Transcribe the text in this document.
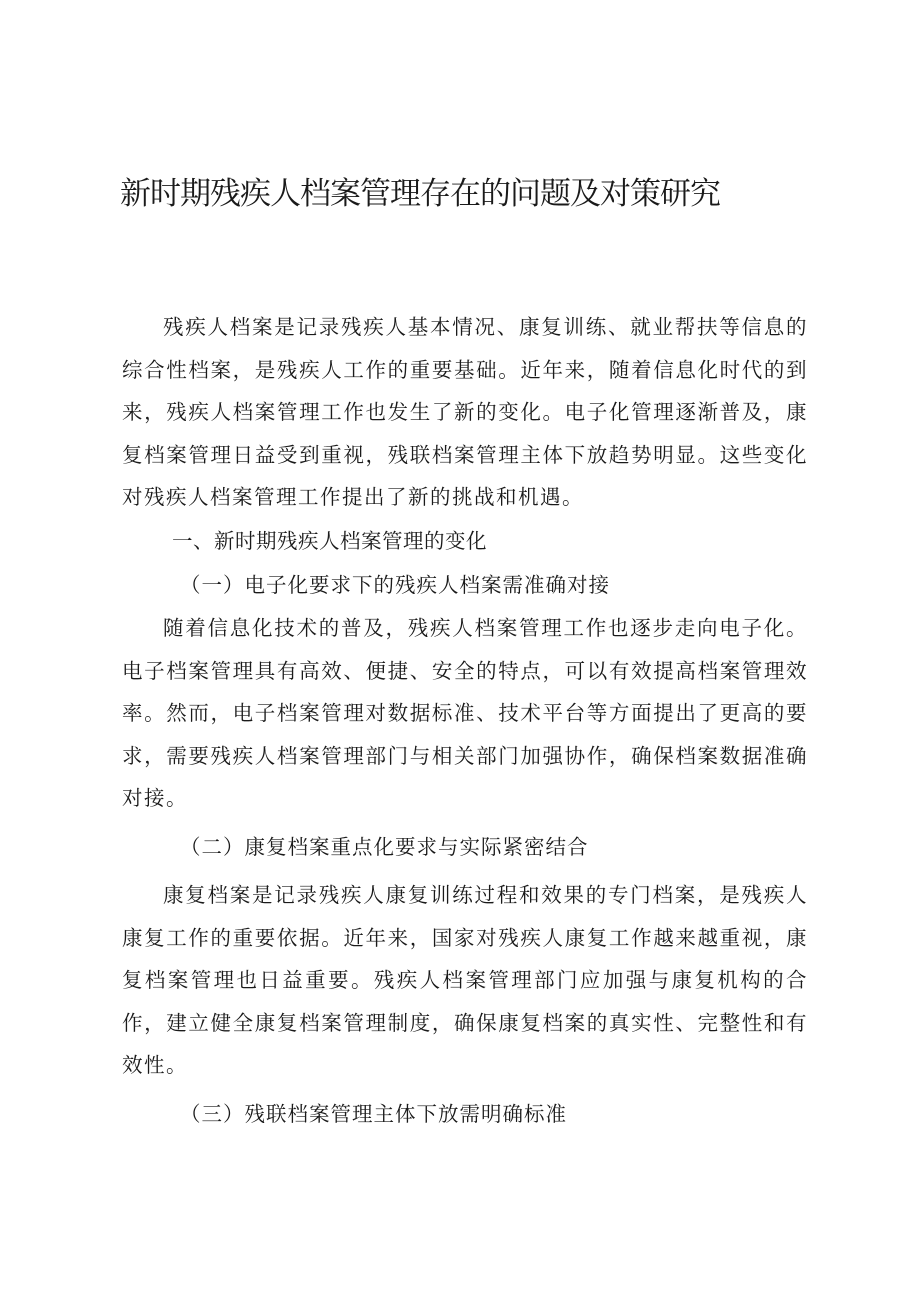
新时期残疾人档案管理存在的问题及对策研究

残疾人档案是记录残疾人基本情况、康复训练、就业帮扶等信息的综合性档案，是残疾人工作的重要基础。近年来，随着信息化时代的到来，残疾人档案管理工作也发生了新的变化。电子化管理逐渐普及，康复档案管理日益受到重视，残联档案管理主体下放趋势明显。这些变化对残疾人档案管理工作提出了新的挑战和机遇。

一、新时期残疾人档案管理的变化

（一）电子化要求下的残疾人档案需准确对接

随着信息化技术的普及，残疾人档案管理工作也逐步走向电子化。电子档案管理具有高效、便捷、安全的特点，可以有效提高档案管理效率。然而，电子档案管理对数据标准、技术平台等方面提出了更高的要求，需要残疾人档案管理部门与相关部门加强协作，确保档案数据准确对接。

（二）康复档案重点化要求与实际紧密结合

康复档案是记录残疾人康复训练过程和效果的专门档案，是残疾人康复工作的重要依据。近年来，国家对残疾人康复工作越来越重视，康复档案管理也日益重要。残疾人档案管理部门应加强与康复机构的合作，建立健全康复档案管理制度，确保康复档案的真实性、完整性和有效性。

（三）残联档案管理主体下放需明确标准
